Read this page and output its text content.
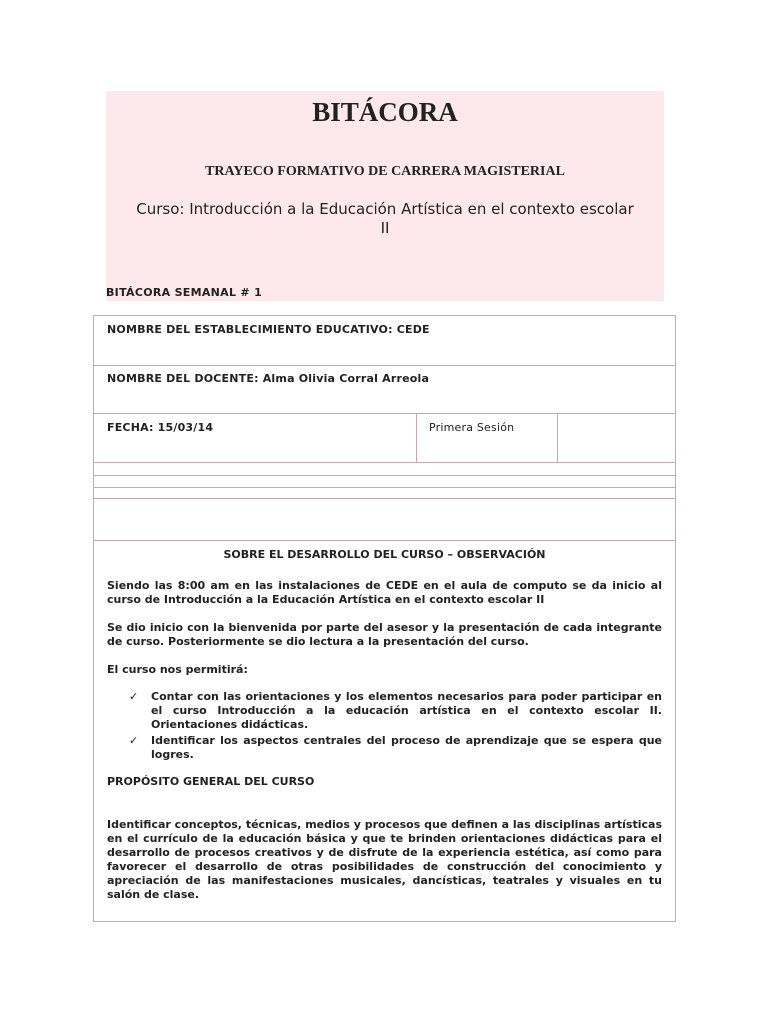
BITÁCORA
TRAYECO FORMATIVO DE CARRERA MAGISTERIAL
Curso: Introducción a la Educación Artística en el contexto escolar II
BITÁCORA SEMANAL # 1
NOMBRE DEL ESTABLECIMIENTO EDUCATIVO: CEDE
NOMBRE DEL DOCENTE: Alma Olivia Corral Arreola
FECHA: 15/03/14	Primera Sesión
SOBRE EL DESARROLLO DEL CURSO – OBSERVACIÓN
Siendo las 8:00 am en las instalaciones de CEDE en el aula de computo se da inicio al curso de Introducción a la Educación Artística en el contexto escolar II
Se dio inicio con la bienvenida por parte del asesor y la presentación de cada integrante de curso. Posteriormente se dio lectura a la presentación del curso.
El curso nos permitirá:
✓ Contar con las orientaciones y los elementos necesarios para poder participar en el curso Introducción a la educación artística en el contexto escolar II. Orientaciones didácticas.
✓ Identificar los aspectos centrales del proceso de aprendizaje que se espera que logres.
PROPÓSITO GENERAL DEL CURSO
Identificar conceptos, técnicas, medios y procesos que definen a las disciplinas artísticas en el currículo de la educación básica y que te brinden orientaciones didácticas para el desarrollo de procesos creativos y de disfrute de la experiencia estética, así como para favorecer el desarrollo de otras posibilidades de construcción del conocimiento y apreciación de las manifestaciones musicales, dancísticas, teatrales y visuales en tu salón de clase.
